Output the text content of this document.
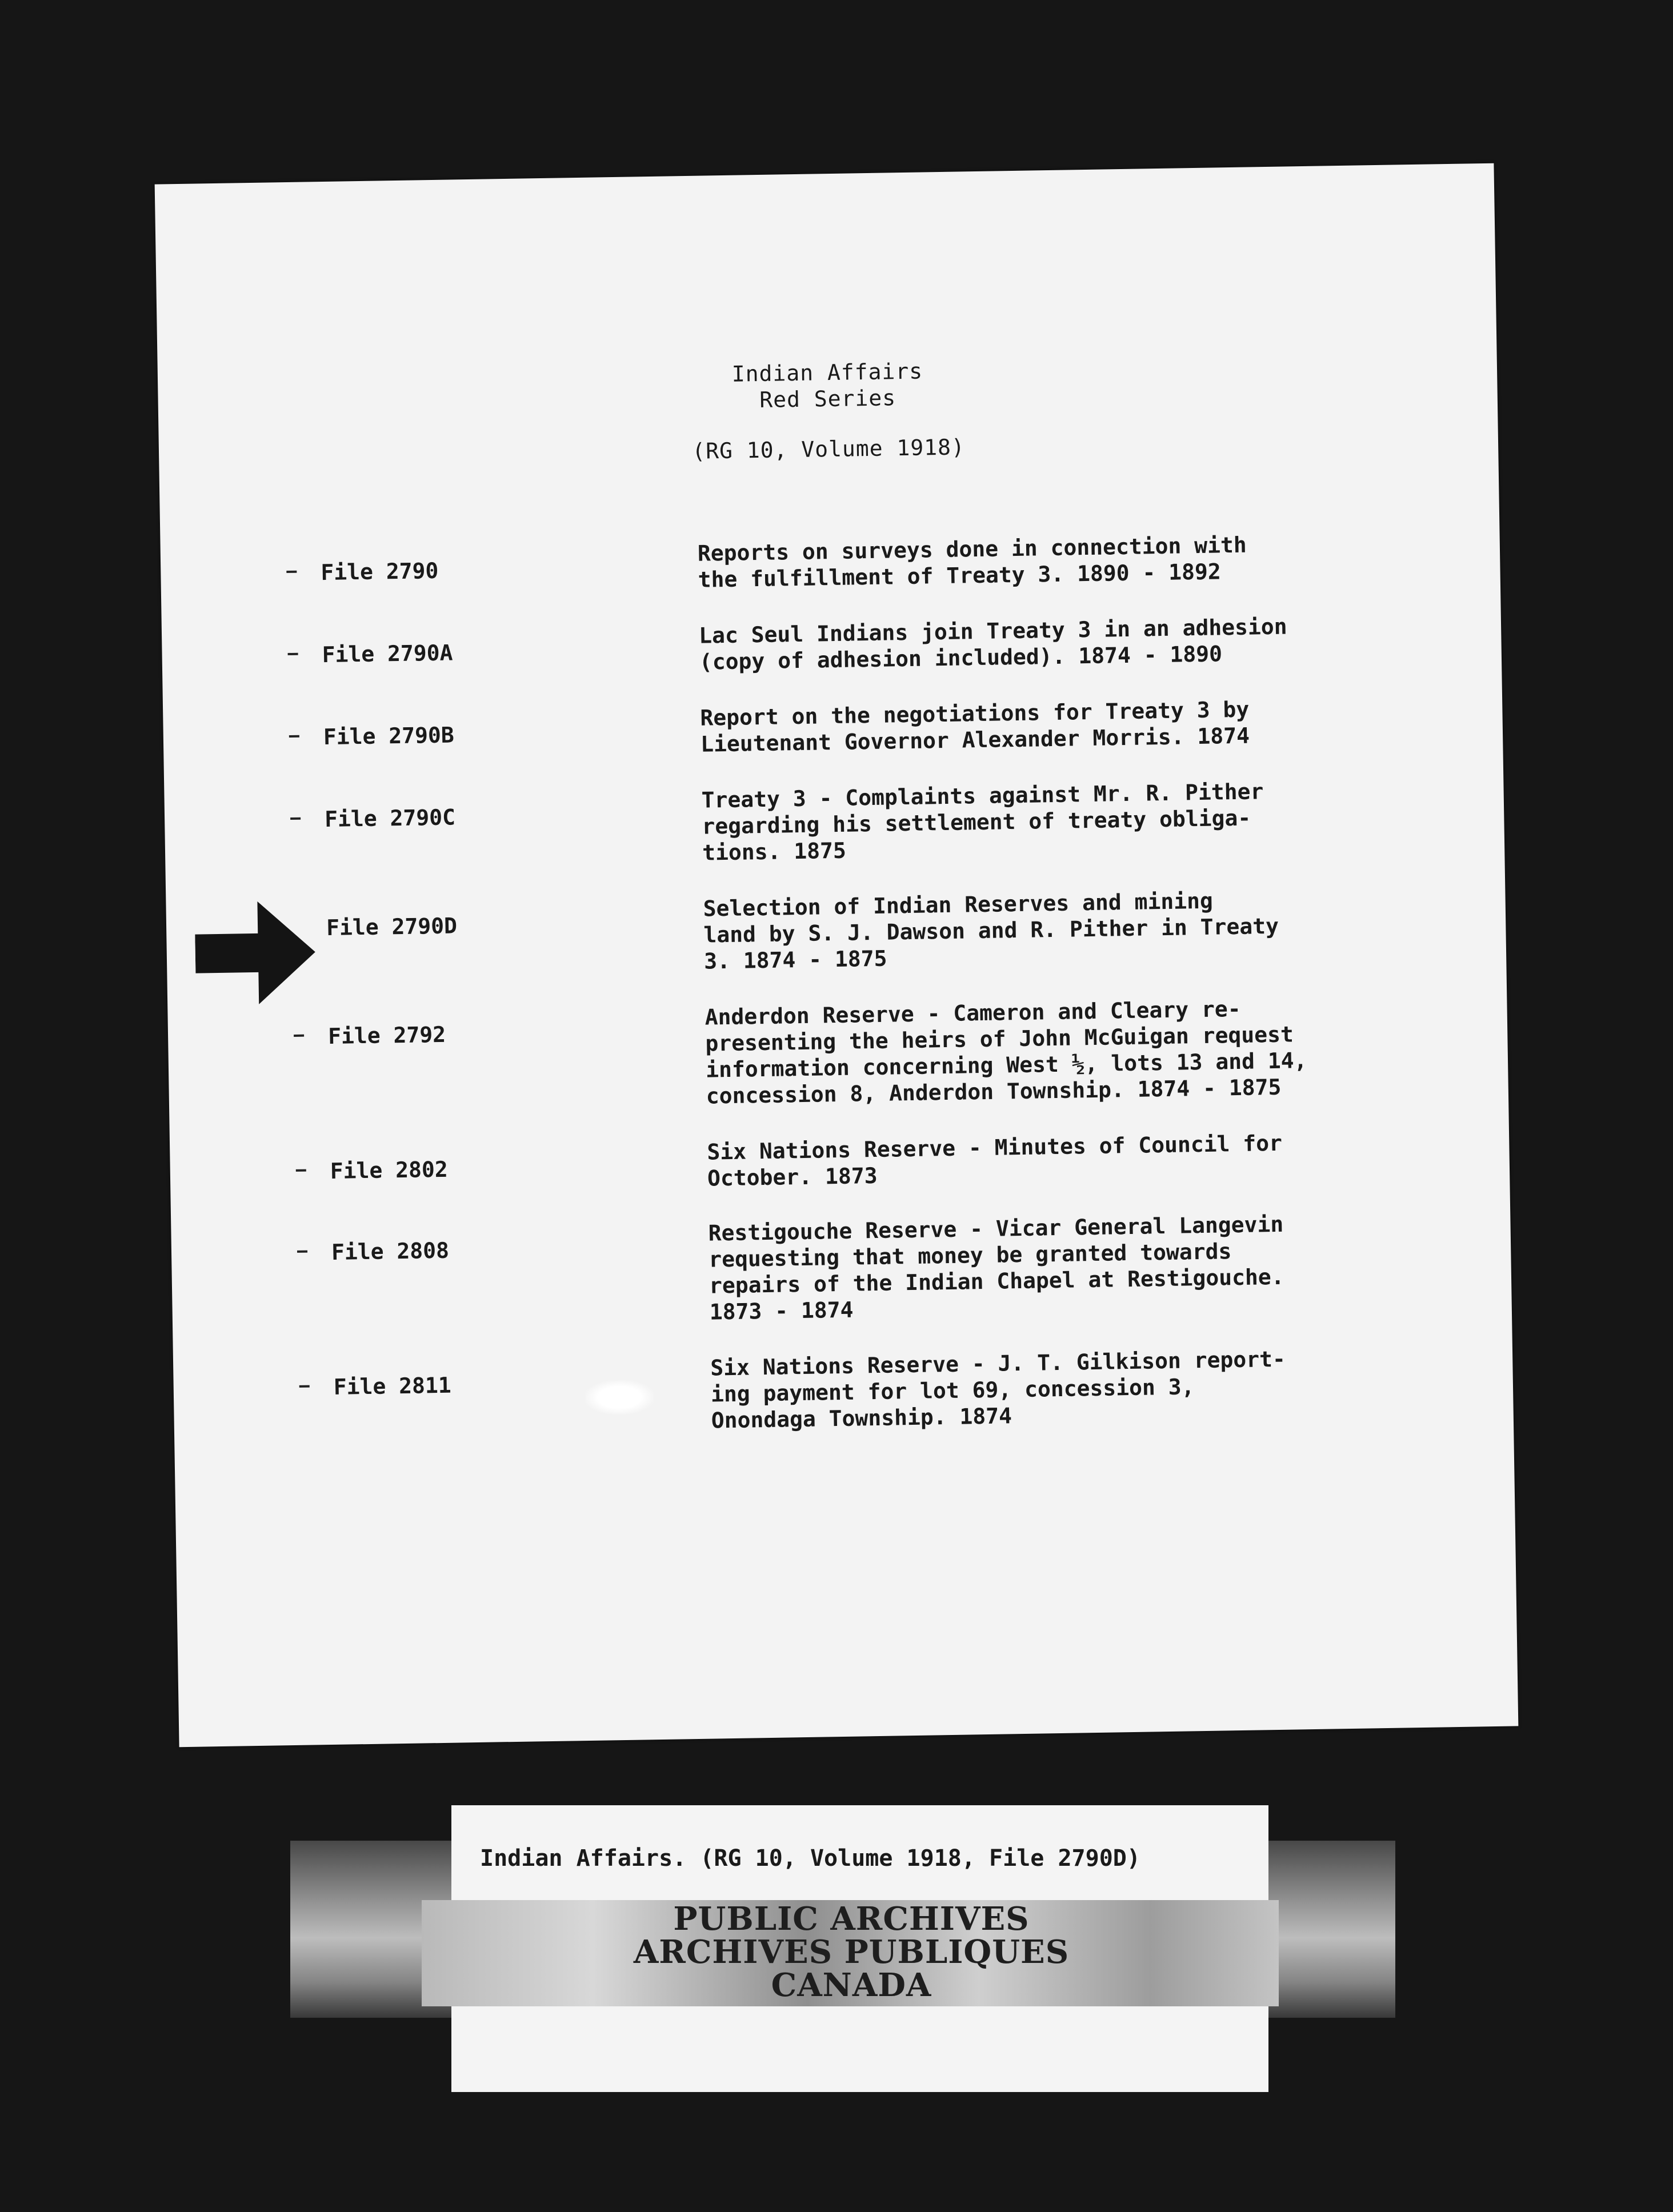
Indian Affairs
Red Series
(RG 10, Volume 1918)
File 2790
Reports on surveys done in connection with
the fulfillment of Treaty 3. 1890 - 1892
File 2790A
Lac Seul Indians join Treaty 3 in an adhesion
(copy of adhesion included). 1874 - 1890
File 2790B
Report on the negotiations for Treaty 3 by
Lieutenant Governor Alexander Morris. 1874
File 2790C
Treaty 3 - Complaints against Mr. R. Pither
regarding his settlement of treaty obliga-
tions. 1875
File 2790D
Selection of Indian Reserves and mining
land by S. J. Dawson and R. Pither in Treaty
3. 1874 - 1875
File 2792
Anderdon Reserve - Cameron and Cleary re-
presenting the heirs of John McGuigan request
information concerning West ½, lots 13 and 14,
concession 8, Anderdon Township. 1874 - 1875
File 2802
Six Nations Reserve - Minutes of Council for
October. 1873
File 2808
Restigouche Reserve - Vicar General Langevin
requesting that money be granted towards
repairs of the Indian Chapel at Restigouche.
1873 - 1874
File 2811
Six Nations Reserve - J. T. Gilkison report-
ing payment for lot 69, concession 3,
Onondaga Township. 1874
Indian Affairs. (RG 10, Volume 1918, File 2790D)
PUBLIC ARCHIVES
ARCHIVES PUBLIQUES
CANADA
